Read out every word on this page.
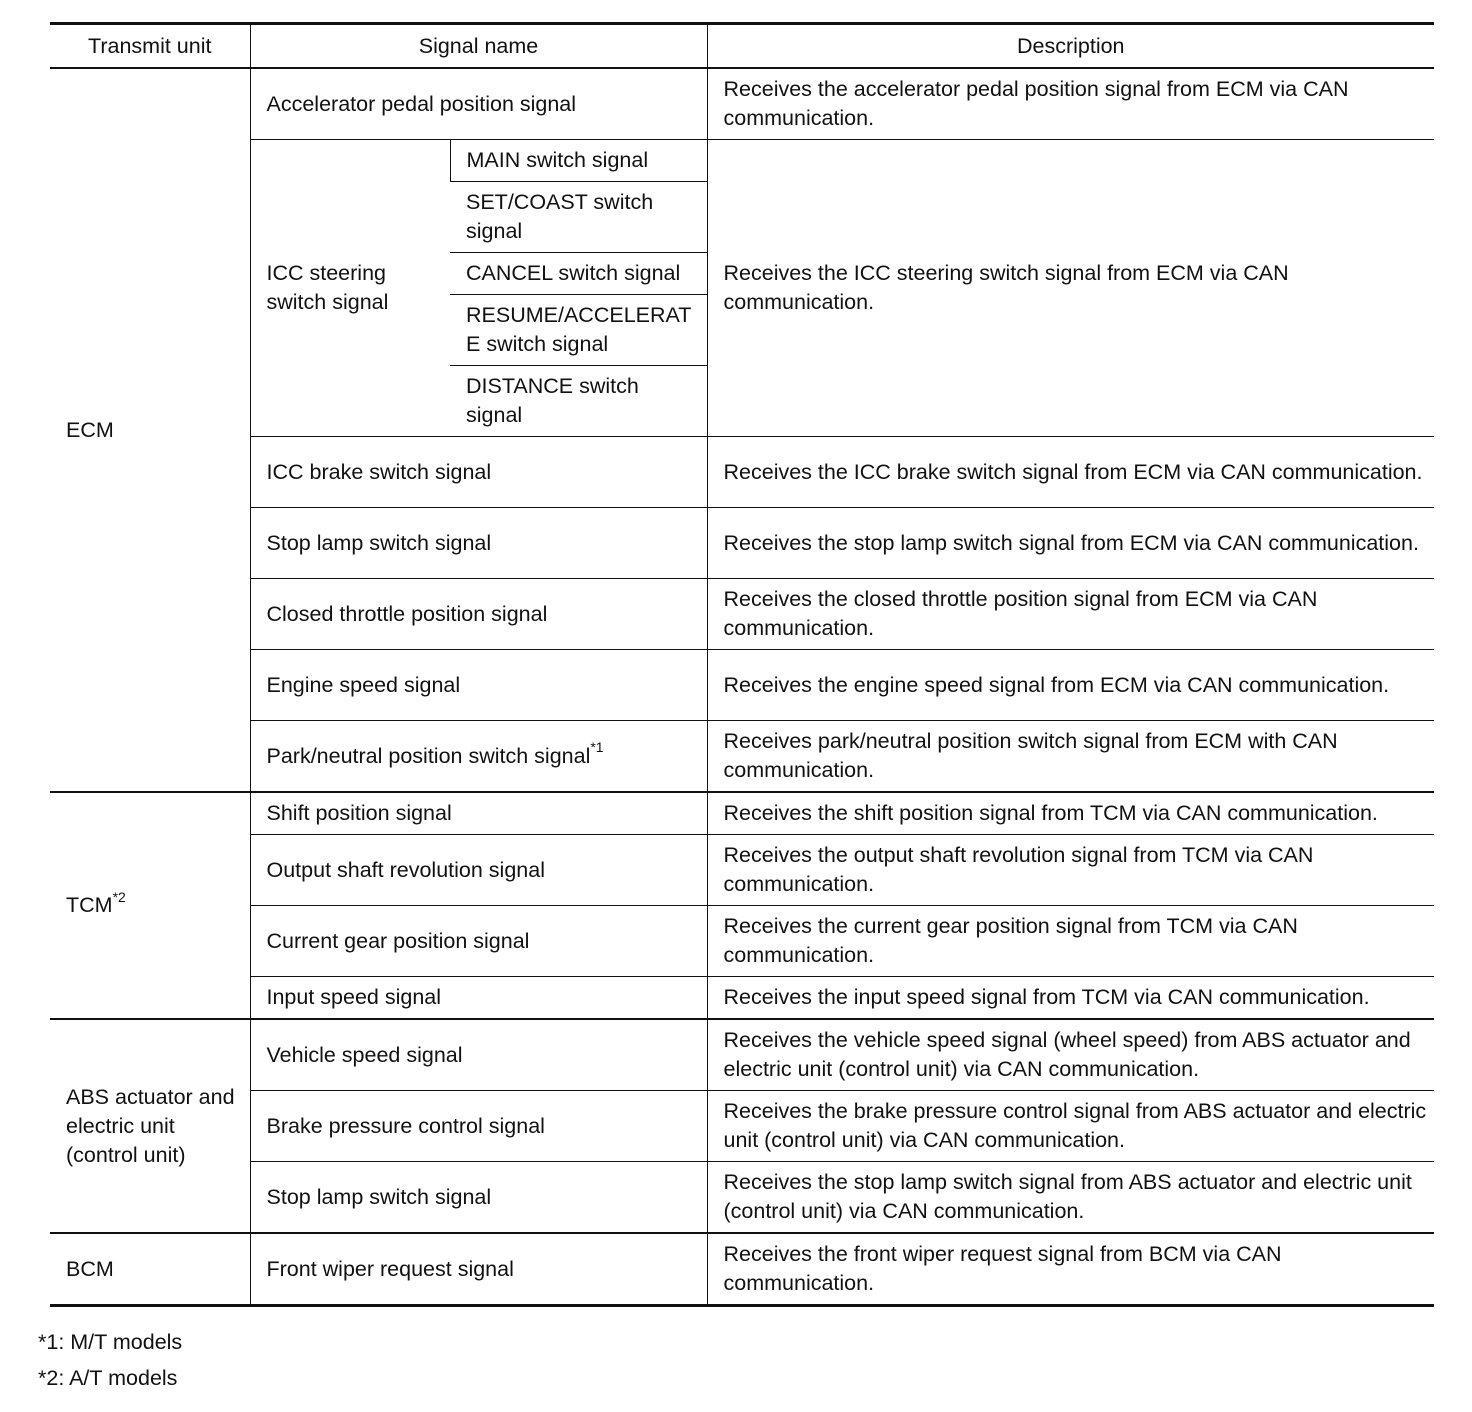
Transmit unit	Signal name		Description
ECM	Accelerator pedal position signal		Receives the accelerator pedal position signal from ECM via CAN communication.
	ICC steering switch signal	MAIN switch signal	Receives the ICC steering switch signal from ECM via CAN communication.
		SET/COAST switch signal	
		CANCEL switch signal	
		RESUME/ACCELERATE switch signal	
		DISTANCE switch signal	
	ICC brake switch signal		Receives the ICC brake switch signal from ECM via CAN communication.
	Stop lamp switch signal		Receives the stop lamp switch signal from ECM via CAN communication.
	Closed throttle position signal		Receives the closed throttle position signal from ECM via CAN communication.
	Engine speed signal		Receives the engine speed signal from ECM via CAN communication.
	Park/neutral position switch signal$^{*1}$		Receives park/neutral position switch signal from ECM with CAN communication.
TCM$^{*2}$	Shift position signal		Receives the shift position signal from TCM via CAN communication.
	Output shaft revolution signal		Receives the output shaft revolution signal from TCM via CAN communication.
	Current gear position signal		Receives the current gear position signal from TCM via CAN communication.
	Input speed signal		Receives the input speed signal from TCM via CAN communication.
ABS actuator and electric unit (control unit)	Vehicle speed signal		Receives the vehicle speed signal (wheel speed) from ABS actuator and electric unit (control unit) via CAN communication.
	Brake pressure control signal		Receives the brake pressure control signal from ABS actuator and electric unit (control unit) via CAN communication.
	Stop lamp switch signal		Receives the stop lamp switch signal from ABS actuator and electric unit (control unit) via CAN communication.
BCM	Front wiper request signal		Receives the front wiper request signal from BCM via CAN communication.
*1: M/T models
*2: A/T models
